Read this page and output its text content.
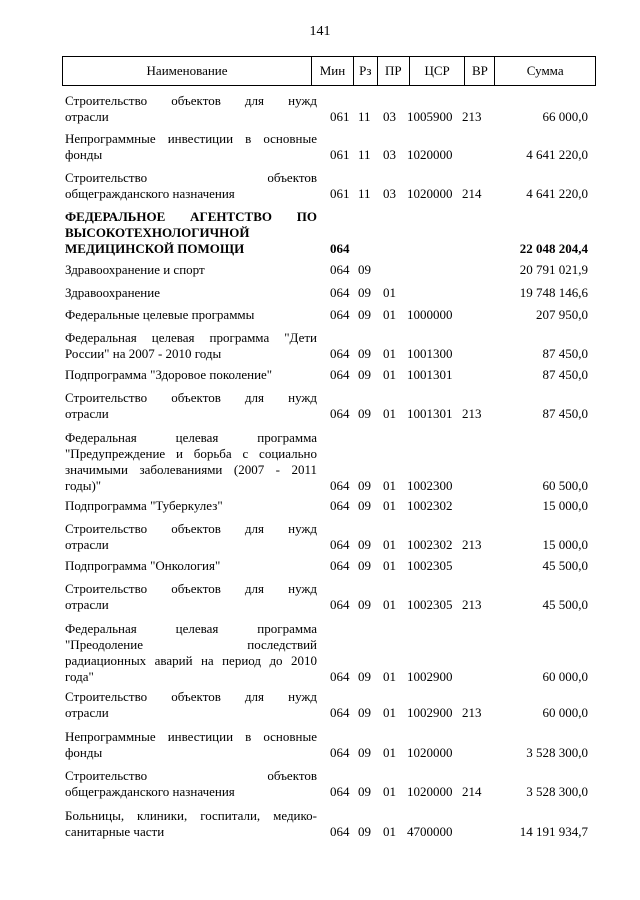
141
Наименование	Мин	Рз	ПР	ЦСР	ВР	Сумма
Строительство объектов для нужд
отрасли	061 11 03 1005900 213	66 000,0
Непрограммные инвестиции в основные
фонды	061 11 03 1020000	4 641 220,0
Строительство объектов
общегражданского назначения	061 11 03 1020000 214	4 641 220,0
ФЕДЕРАЛЬНОЕ АГЕНТСТВО ПО
ВЫСОКОТЕХНОЛОГИЧНОЙ
МЕДИЦИНСКОЙ ПОМОЩИ	064	22 048 204,4
Здравоохранение и спорт	064 09	20 791 021,9
Здравоохранение	064 09 01	19 748 146,6
Федеральные целевые программы	064 09 01 1000000	207 950,0
Федеральная целевая программа "Дети
России" на 2007 - 2010 годы	064 09 01 1001300	87 450,0
Подпрограмма "Здоровое поколение"	064 09 01 1001301	87 450,0
Строительство объектов для нужд
отрасли	064 09 01 1001301 213	87 450,0
Федеральная целевая программа
"Предупреждение и борьба с социально
значимыми заболеваниями (2007 - 2011
годы)"	064 09 01 1002300	60 500,0
Подпрограмма "Туберкулез"	064 09 01 1002302	15 000,0
Строительство объектов для нужд
отрасли	064 09 01 1002302 213	15 000,0
Подпрограмма "Онкология"	064 09 01 1002305	45 500,0
Строительство объектов для нужд
отрасли	064 09 01 1002305 213	45 500,0
Федеральная целевая программа
"Преодоление последствий
радиационных аварий на период до 2010
года"	064 09 01 1002900	60 000,0
Строительство объектов для нужд
отрасли	064 09 01 1002900 213	60 000,0
Непрограммные инвестиции в основные
фонды	064 09 01 1020000	3 528 300,0
Строительство объектов
общегражданского назначения	064 09 01 1020000 214	3 528 300,0
Больницы, клиники, госпитали, медико-
санитарные части	064 09 01 4700000	14 191 934,7
